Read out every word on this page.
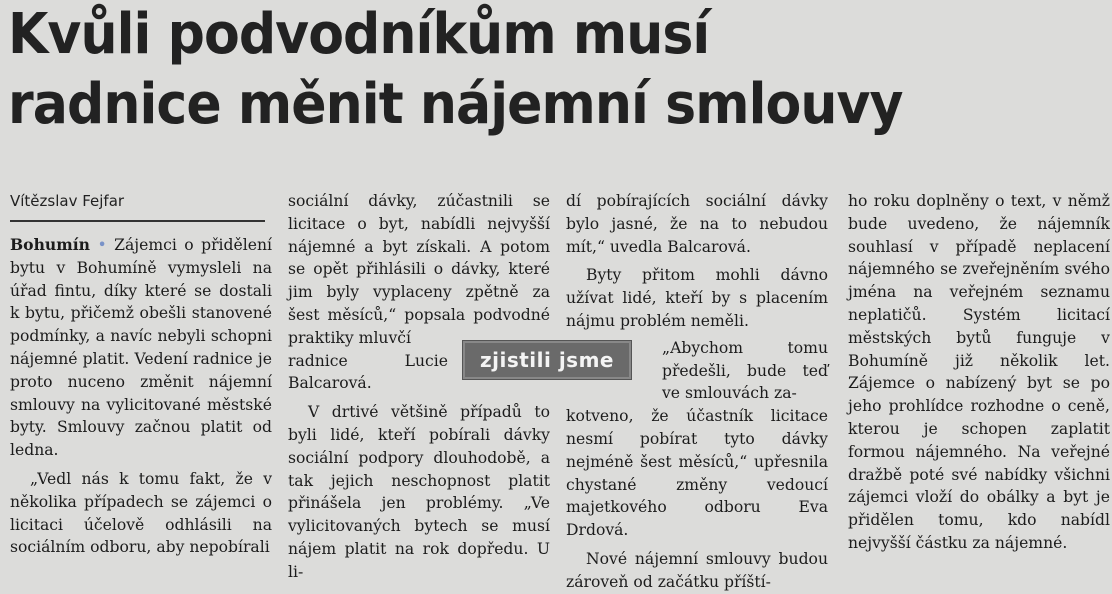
Kvůli podvodníkům musí
radnice měnit nájemní smlouvy
Vítězslav Fejfar

Bohumín • Zájemci o přidělení bytu v Bohumíně vymysleli na úřad fintu, díky které se dostali k bytu, přičemž obešli stanovené podmínky, a navíc nebyli schopni nájemné platit. Vedení radnice je proto nuceno změnit nájemní smlouvy na vylicitované městské byty. Smlouvy začnou platit od ledna.

„Vedl nás k tomu fakt, že v několika případech se zájemci o licitaci účelově odhlásili na sociálním odboru, aby nepobírali

sociální dávky, zúčastnili se licitace o byt, nabídli nejvyšší nájemné a byt získali. A potom se opět přihlásili o dávky, které jim byly vyplaceny zpětně za šest měsíců,“ popsala podvodné praktiky mluvčí

radnice Lucie Balcarová.

V drtivé většině případů to byli lidé, kteří pobírali dávky sociální podpory dlouhodobě, a tak jejich neschopnost platit přinášela jen problémy. „Ve vylicitovaných bytech se musí nájem platit na rok dopředu. U li-

dí pobírajících sociální dávky bylo jasné, že na to nebudou mít,“ uvedla Balcarová.

Byty přitom mohli dávno užívat lidé, kteří by s placením nájmu problém neměli.

„Abychom tomu předešli, bude teď ve smlouvách za-

kotveno, že účastník licitace nesmí pobírat tyto dávky nejméně šest měsíců,“ upřesnila chystané změny vedoucí majetkového odboru Eva Drdová.

Nové nájemní smlouvy budou zároveň od začátku příští-

ho roku doplněny o text, v němž bude uvedeno, že nájemník souhlasí v případě neplacení nájemného se zveřejněním svého jména na veřejném seznamu neplatičů. Systém licitací městských bytů funguje v Bohumíně již několik let. Zájemce o nabízený byt se po jeho prohlídce rozhodne o ceně, kterou je schopen zaplatit formou nájemného. Na veřejné dražbě poté své nabídky všichni zájemci vloží do obálky a byt je přidělen tomu, kdo nabídl nejvyšší částku za nájemné.

zjistili jsme
